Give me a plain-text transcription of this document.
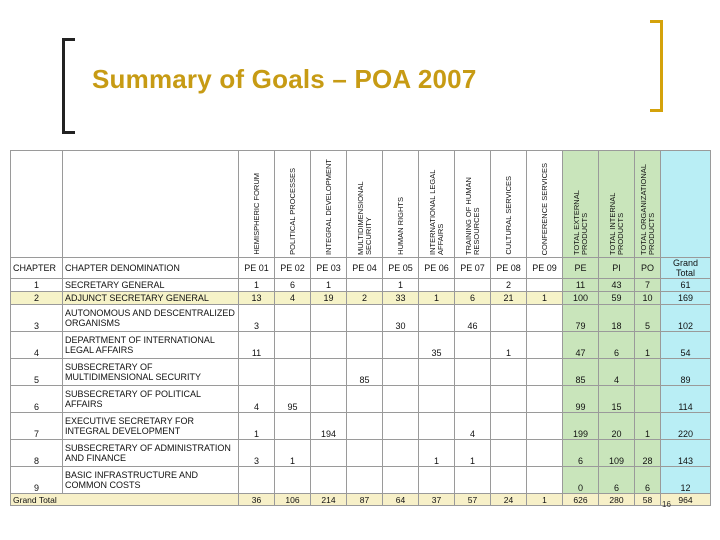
Summary of Goals – POA 2007

		HEMISPHERIC FORUM	POLITICAL PROCESSES	INTEGRAL DEVELOPMENT	MULTIDIMENSIONAL SECURITY	HUMAN RIGHTS	INTERNATIONAL LEGAL AFFAIRS	TRAINING OF HUMAN RESOURCES	CULTURAL SERVICES	CONFERENCE SERVICES	TOTAL EXTERNAL PRODUCTS	TOTAL INTERNAL PRODUCTS	TOTAL ORGANIZATIONAL PRODUCTS	

CHAPTER	CHAPTER DENOMINATION	PE 01	PE 02	PE 03	PE 04	PE 05	PE 06	PE 07	PE 08	PE 09	PE	PI	PO	Grand Total
1	SECRETARY GENERAL	1	6	1		1			2		11	43	7	61
2	ADJUNCT SECRETARY GENERAL	13	4	19	2	33	1	6	21	1	100	59	10	169
3	AUTONOMOUS AND DESCENTRALIZED ORGANISMS	3				30		46			79	18	5	102
4	DEPARTMENT OF INTERNATIONAL LEGAL AFFAIRS	11					35		1		47	6	1	54
5	SUBSECRETARY OF MULTIDIMENSIONAL SECURITY				85						85	4		89
6	SUBSECRETARY OF POLITICAL AFFAIRS	4	95								99	15		114
7	EXECUTIVE SECRETARY FOR INTEGRAL DEVELOPMENT	1		194				4			199	20	1	220
8	SUBSECRETARY OF ADMINISTRATION AND FINANCE	3	1				1	1			6	109	28	143
9	BASIC INFRASTRUCTURE AND COMMON COSTS										0	6	6	12
Grand Total		36	106	214	87	64	37	57	24	1	626	280	58	964
16
